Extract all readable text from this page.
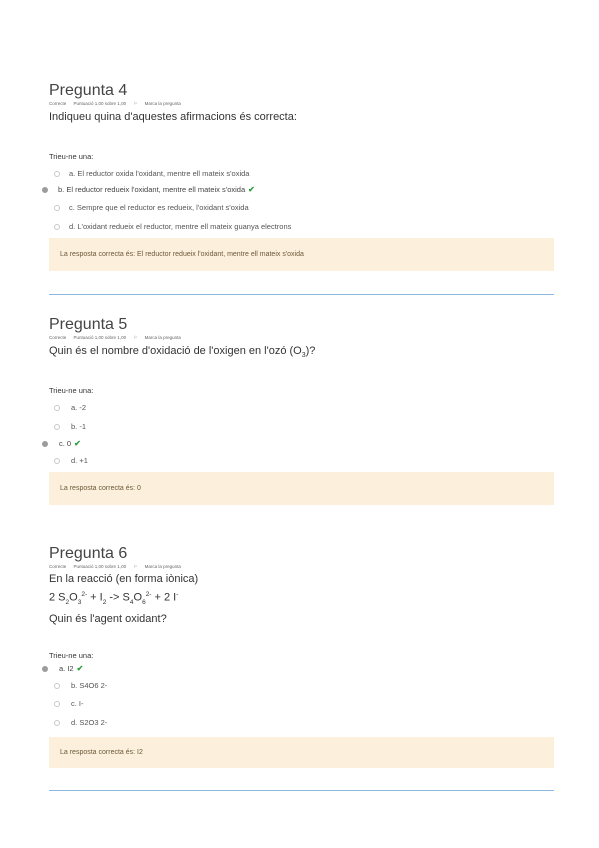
Pregunta 4
Correcte Puntuació 1,00 sobre 1,00 ⚐ Marca la pregunta
Indiqueu quina d'aquestes afirmacions és correcta:
Trieu-ne una:
a. El reductor oxida l'oxidant, mentre ell mateix s'oxida
b. El reductor redueix l'oxidant, mentre ell mateix s'oxida ✔
c. Sempre que el reductor es redueix, l'oxidant s'oxida
d. L'oxidant redueix el reductor, mentre ell mateix guanya electrons
La resposta correcta és: El reductor redueix l'oxidant, mentre ell mateix s'oxida
Pregunta 5
Correcte Puntuació 1,00 sobre 1,00 ⚐ Marca la pregunta
Quin és el nombre d'oxidació de l'oxigen en l'ozó $(O_3)$?
Trieu-ne una:
a. -2
b. -1
c. 0 ✔
d. +1
La resposta correcta és: 0
Pregunta 6
Correcte Puntuació 1,00 sobre 1,00 ⚐ Marca la pregunta
En la reacció (en forma iònica)
2 $S_2O_3^{2-} + I_2 -> S_4O_6^{2-} + 2$ I-
Quin és l'agent oxidant?
Trieu-ne una:
a. I2 ✔
b. S4O6 2-
c. I-
d. S2O3 2-
La resposta correcta és: I2
